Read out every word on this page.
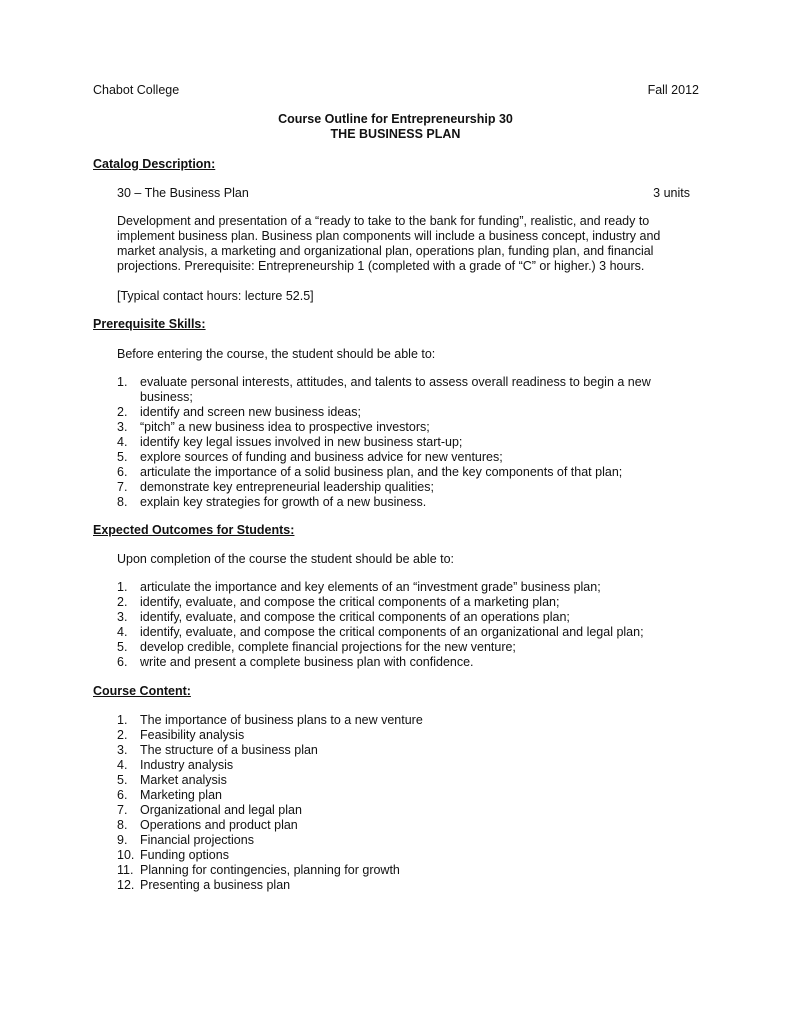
Chabot College	Fall 2012
Course Outline for Entrepreneurship 30
THE BUSINESS PLAN
Catalog Description:
30 – The Business Plan	3 units
Development and presentation of a “ready to take to the bank for funding”, realistic, and ready to implement business plan. Business plan components will include a business concept, industry and market analysis, a marketing and organizational plan, operations plan, funding plan, and financial projections. Prerequisite: Entrepreneurship 1 (completed with a grade of “C” or higher.) 3 hours.
[Typical contact hours: lecture 52.5]
Prerequisite Skills:
Before entering the course, the student should be able to:
1. evaluate personal interests, attitudes, and talents to assess overall readiness to begin a new business;
2. identify and screen new business ideas;
3. “pitch” a new business idea to prospective investors;
4. identify key legal issues involved in new business start-up;
5. explore sources of funding and business advice for new ventures;
6. articulate the importance of a solid business plan, and the key components of that plan;
7. demonstrate key entrepreneurial leadership qualities;
8. explain key strategies for growth of a new business.
Expected Outcomes for Students:
Upon completion of the course the student should be able to:
1. articulate the importance and key elements of an “investment grade” business plan;
2. identify, evaluate, and compose the critical components of a marketing plan;
3. identify, evaluate, and compose the critical components of an operations plan;
4. identify, evaluate, and compose the critical components of an organizational and legal plan;
5. develop credible, complete financial projections for the new venture;
6. write and present a complete business plan with confidence.
Course Content:
1. The importance of business plans to a new venture
2. Feasibility analysis
3. The structure of a business plan
4. Industry analysis
5. Market analysis
6. Marketing plan
7. Organizational and legal plan
8. Operations and product plan
9. Financial projections
10. Funding options
11. Planning for contingencies, planning for growth
12. Presenting a business plan
